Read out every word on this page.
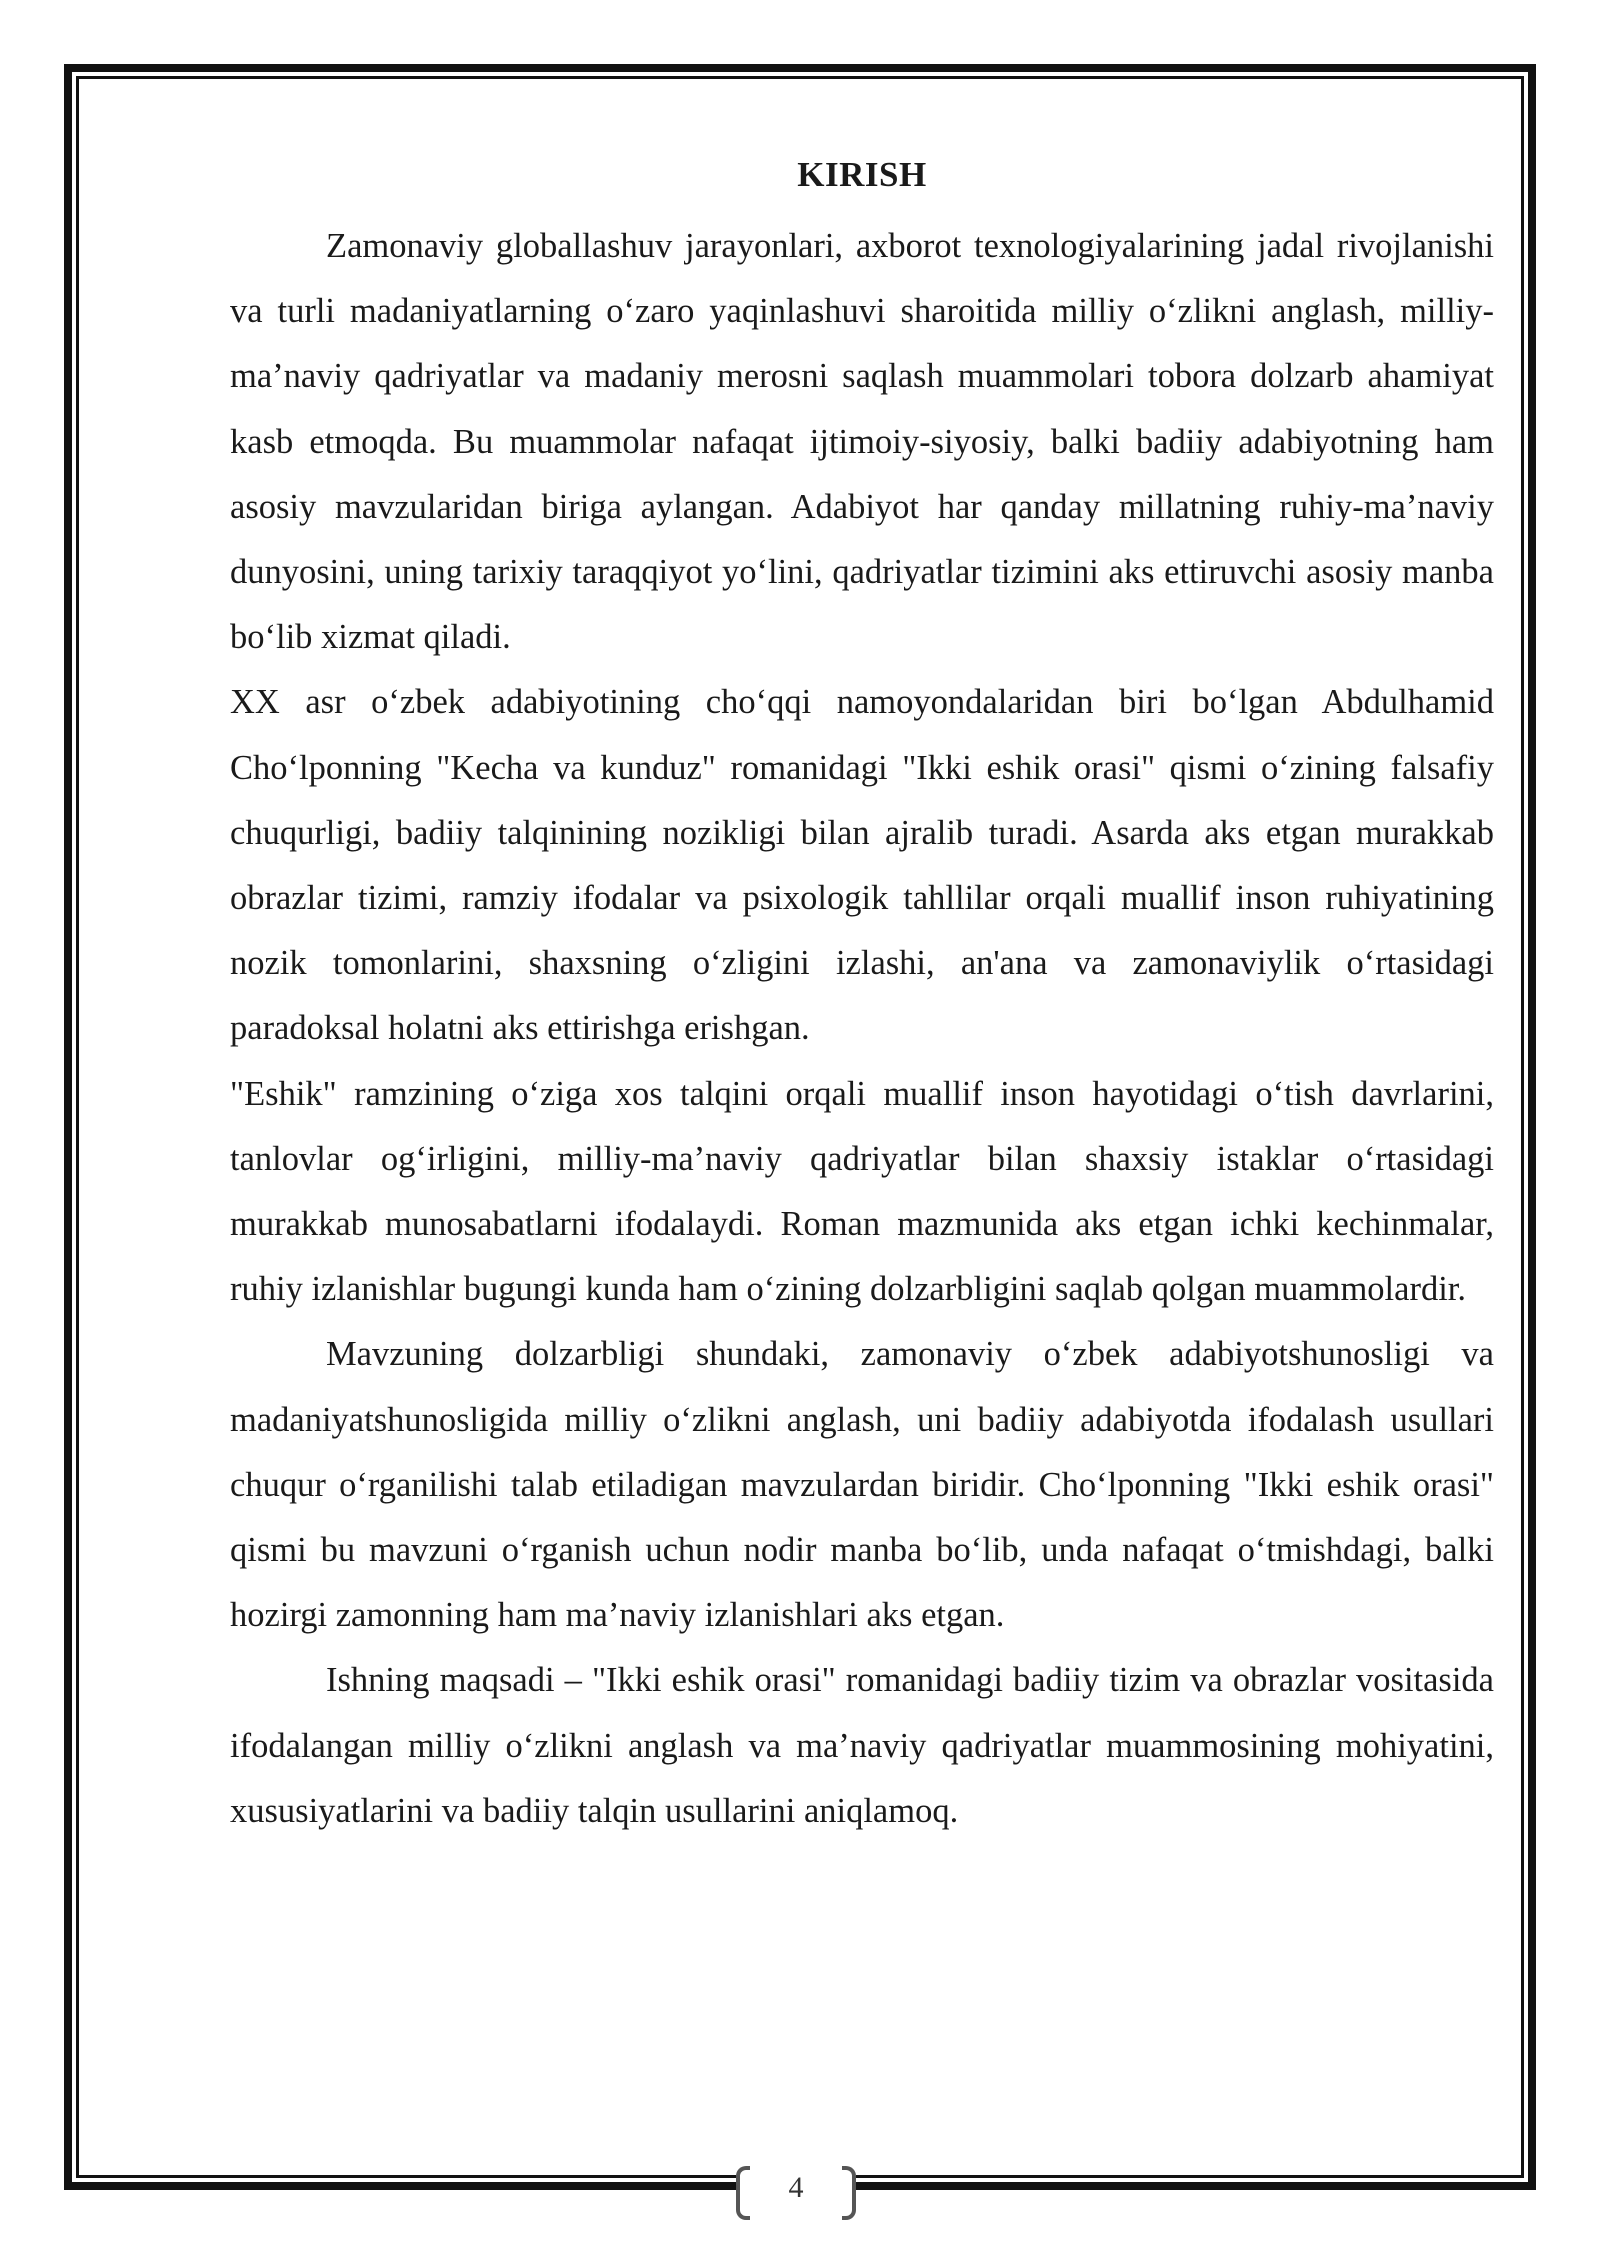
KIRISH

Zamonaviy globallashuv jarayonlari, axborot texnologiyalarining jadal rivojlanishi va turli madaniyatlarning o‘zaro yaqinlashuvi sharoitida milliy o‘zlikni anglash, milliy-ma’naviy qadriyatlar va madaniy merosni saqlash muammolari tobora dolzarb ahamiyat kasb etmoqda. Bu muammolar nafaqat ijtimoiy-siyosiy, balki badiiy adabiyotning ham asosiy mavzularidan biriga aylangan. Adabiyot har qanday millatning ruhiy-ma’naviy dunyosini, uning tarixiy taraqqiyot yo‘lini, qadriyatlar tizimini aks ettiruvchi asosiy manba bo‘lib xizmat qiladi.

XX asr o‘zbek adabiyotining cho‘qqi namoyondalaridan biri bo‘lgan Abdulhamid Cho‘lponning "Kecha va kunduz" romanidagi "Ikki eshik orasi" qismi o‘zining falsafiy chuqurligi, badiiy talqinining nozikligi bilan ajralib turadi. Asarda aks etgan murakkab obrazlar tizimi, ramziy ifodalar va psixologik tahllilar orqali muallif inson ruhiyatining nozik tomonlarini, shaxsning o‘zligini izlashi, an'ana va zamonaviylik o‘rtasidagi paradoksal holatni aks ettirishga erishgan.

"Eshik" ramzining o‘ziga xos talqini orqali muallif inson hayotidagi o‘tish davrlarini, tanlovlar og‘irligini, milliy-ma’naviy qadriyatlar bilan shaxsiy istaklar o‘rtasidagi murakkab munosabatlarni ifodalaydi. Roman mazmunida aks etgan ichki kechinmalar, ruhiy izlanishlar bugungi kunda ham o‘zining dolzarbligini saqlab qolgan muammolardir.

Mavzuning dolzarbligi shundaki, zamonaviy o‘zbek adabiyotshunosligi va madaniyatshunosligida milliy o‘zlikni anglash, uni badiiy adabiyotda ifodalash usullari chuqur o‘rganilishi talab etiladigan mavzulardan biridir. Cho‘lponning "Ikki eshik orasi" qismi bu mavzuni o‘rganish uchun nodir manba bo‘lib, unda nafaqat o‘tmishdagi, balki hozirgi zamonning ham ma’naviy izlanishlari aks etgan.

Ishning maqsadi – "Ikki eshik orasi" romanidagi badiiy tizim va obrazlar vositasida ifodalangan milliy o‘zlikni anglash va ma’naviy qadriyatlar muammosining mohiyatini, xususiyatlarini va badiiy talqin usullarini aniqlamoq.

4
